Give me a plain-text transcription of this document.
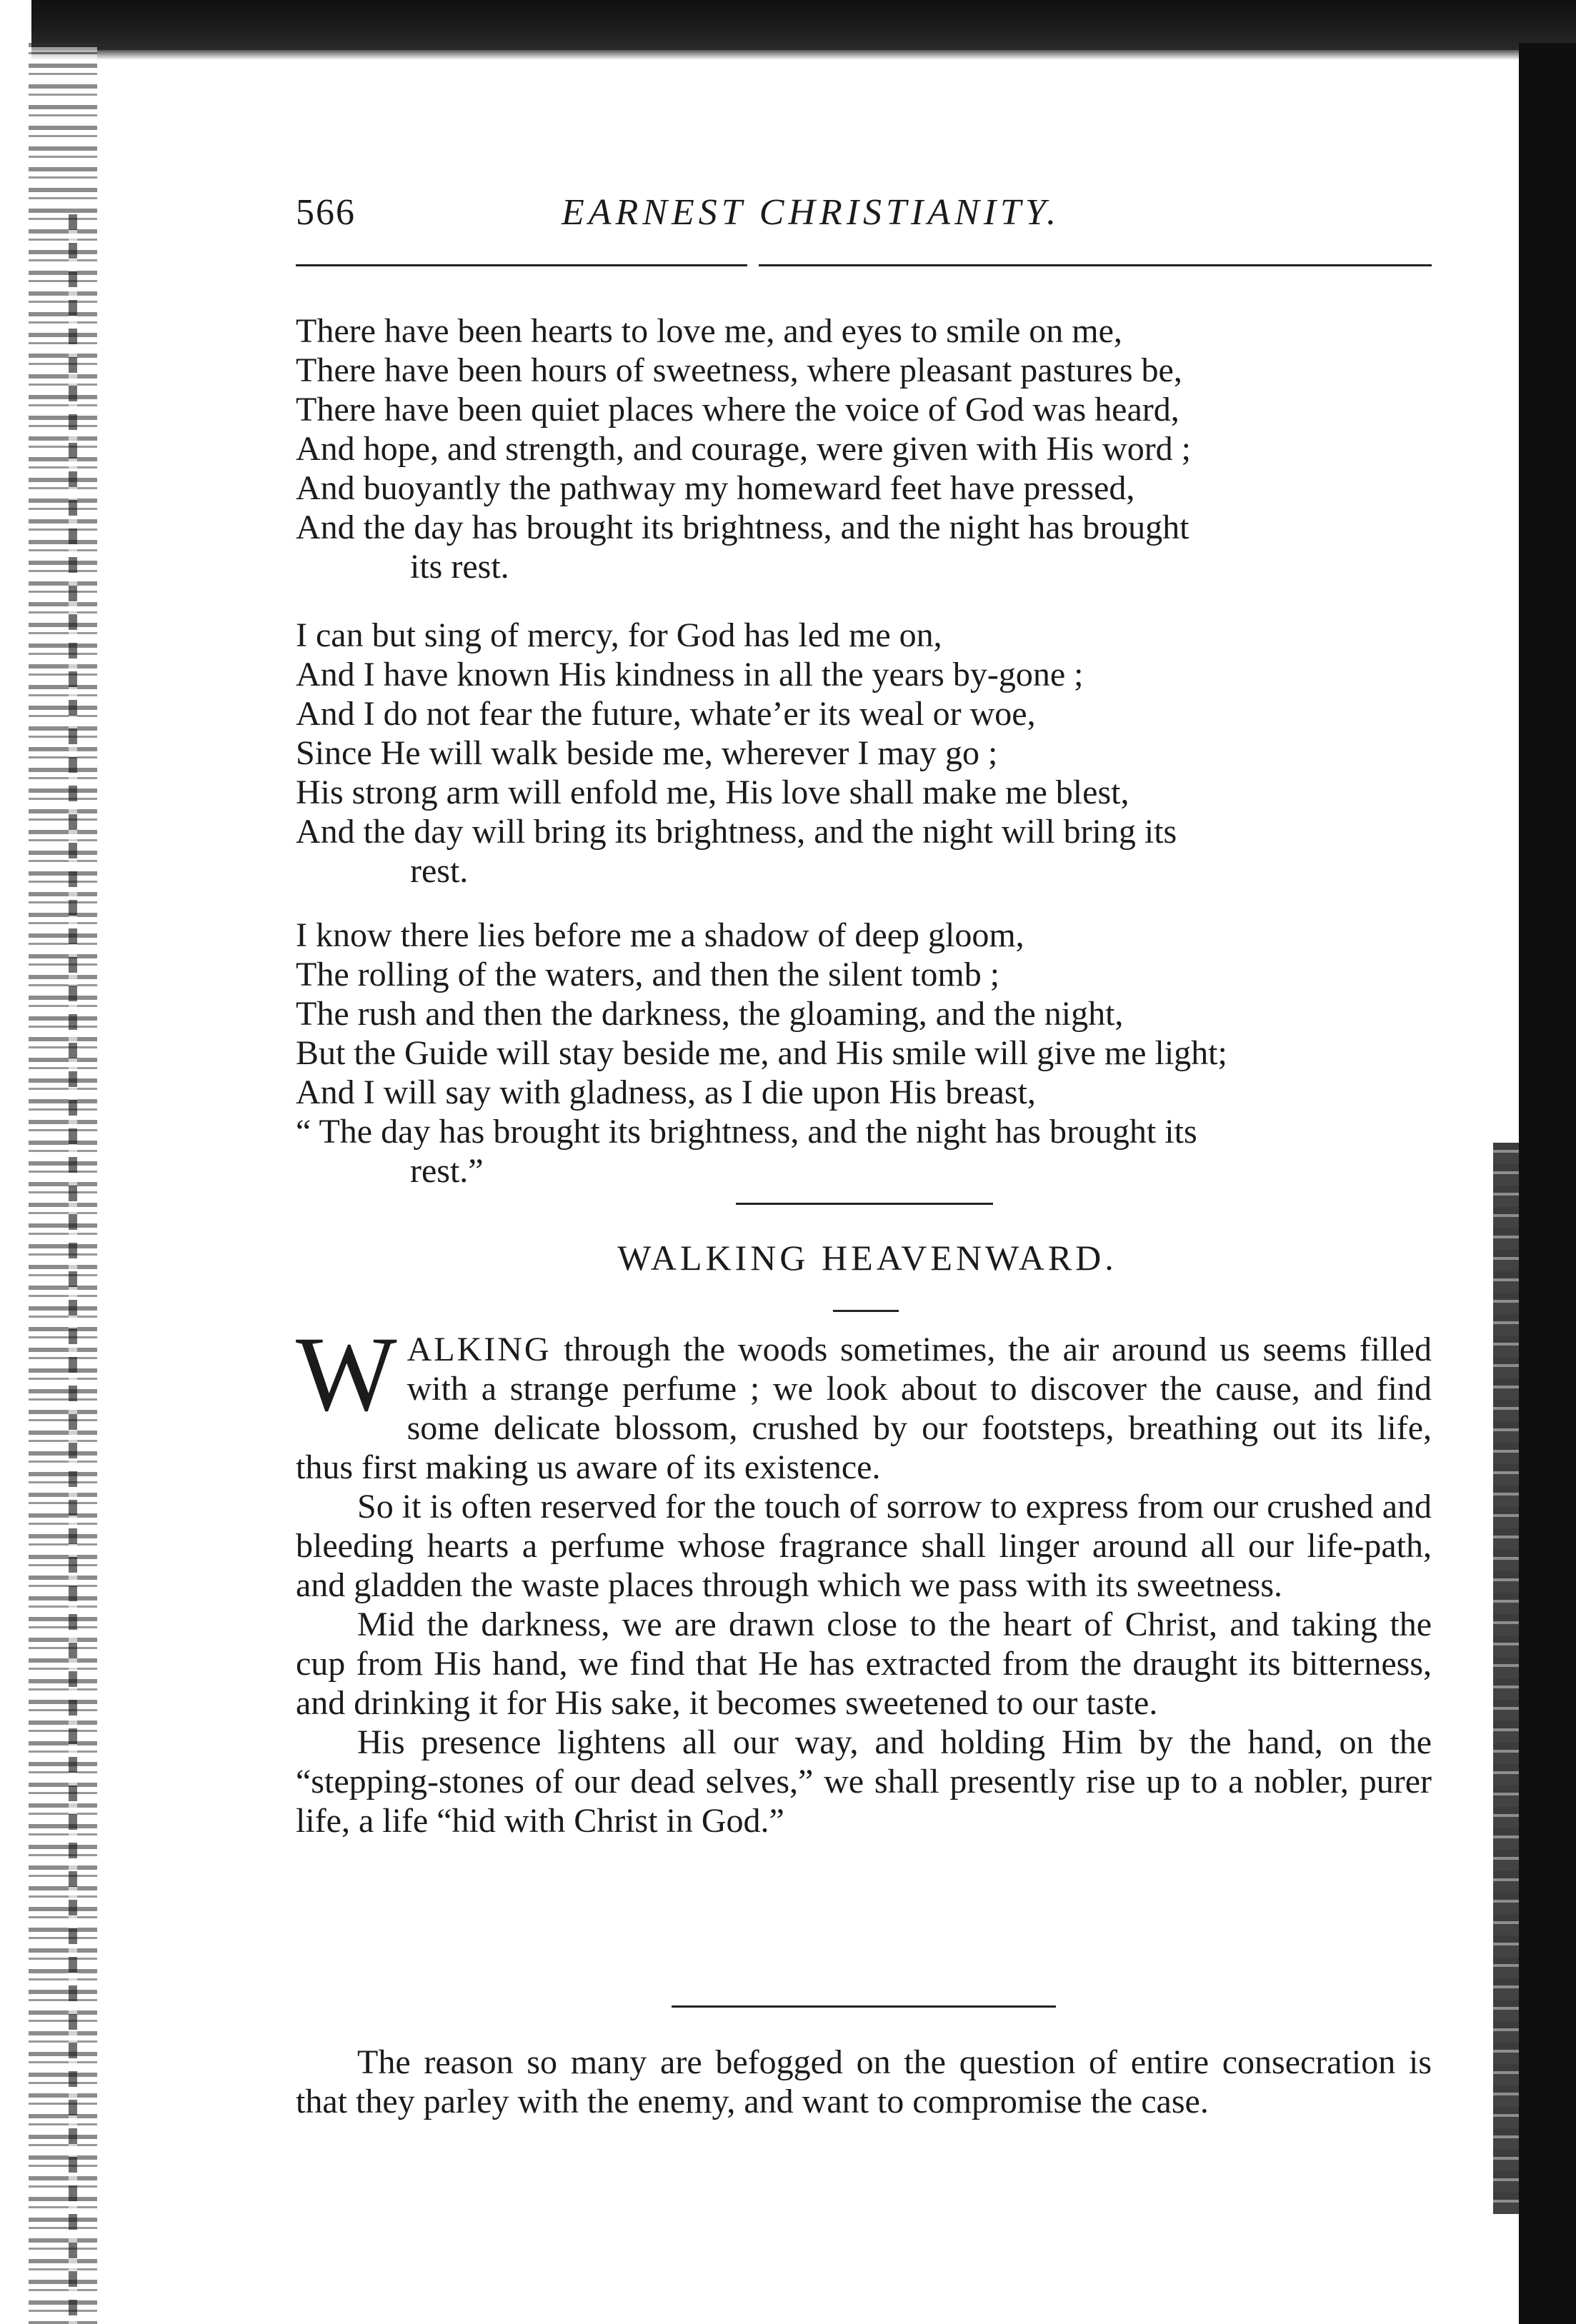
566	EARNEST CHRISTIANITY.
There have been hearts to love me, and eyes to smile on me,
There have been hours of sweetness, where pleasant pastures be,
There have been quiet places where the voice of God was heard,
And hope, and strength, and courage, were given with His word ;
And buoyantly the pathway my homeward feet have pressed,
And the day has brought its brightness, and the night has brought
its rest.
I can but sing of mercy, for God has led me on,
And I have known His kindness in all the years by-gone ;
And I do not fear the future, whate’er its weal or woe,
Since He will walk beside me, wherever I may go ;
His strong arm will enfold me, His love shall make me blest,
And the day will bring its brightness, and the night will bring its
rest.
I know there lies before me a shadow of deep gloom,
The rolling of the waters, and then the silent tomb ;
The rush and then the darkness, the gloaming, and the night,
But the Guide will stay beside me, and His smile will give me light;
And I will say with gladness, as I die upon His breast,
“ The day has brought its brightness, and the night has brought its
rest.”
WALKING HEAVENWARD.

WALKING through the woods sometimes, the air around us seems filled with a strange perfume ; we look about to discover the cause, and find some delicate blossom, crushed by our footsteps, breathing out its life, thus first making us aware of its existence.

So it is often reserved for the touch of sorrow to express from our crushed and bleeding hearts a perfume whose fragrance shall linger around all our life-path, and gladden the waste places through which we pass with its sweetness.

Mid the darkness, we are drawn close to the heart of Christ, and taking the cup from His hand, we find that He has extracted from the draught its bitterness, and drinking it for His sake, it becomes sweetened to our taste.

His presence lightens all our way, and holding Him by the hand, on the “stepping-stones of our dead selves,” we shall presently rise up to a nobler, purer life, a life “hid with Christ in God.”

The reason so many are befogged on the question of entire consecration is that they parley with the enemy, and want to compromise the case.
